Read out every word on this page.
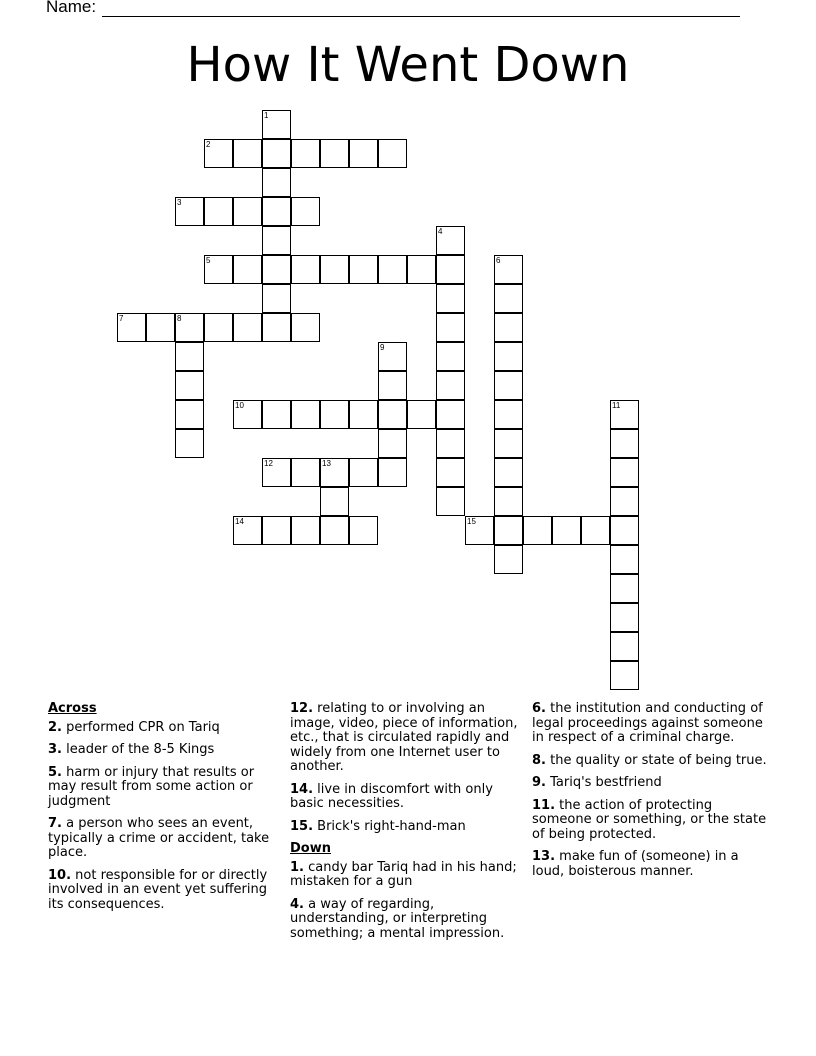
Name:
How It Went Down
2
3
5
7	8
10
12	13
14	15
1
4
6
9
11
Across
2. performed CPR on Tariq
3. leader of the 8-5 Kings
5. harm or injury that results or may result from some action or judgment
7. a person who sees an event, typically a crime or accident, take place.
10. not responsible for or directly involved in an event yet suffering its consequences.
12. relating to or involving an image, video, piece of information, etc., that is circulated rapidly and widely from one Internet user to another.
14. live in discomfort with only basic necessities.
15. Brick's right-hand-man
Down
1. candy bar Tariq had in his hand; mistaken for a gun
4. a way of regarding, understanding, or interpreting something; a mental impression.
6. the institution and conducting of legal proceedings against someone in respect of a criminal charge.
8. the quality or state of being true.
9. Tariq's bestfriend
11. the action of protecting someone or something, or the state of being protected.
13. make fun of (someone) in a loud, boisterous manner.
